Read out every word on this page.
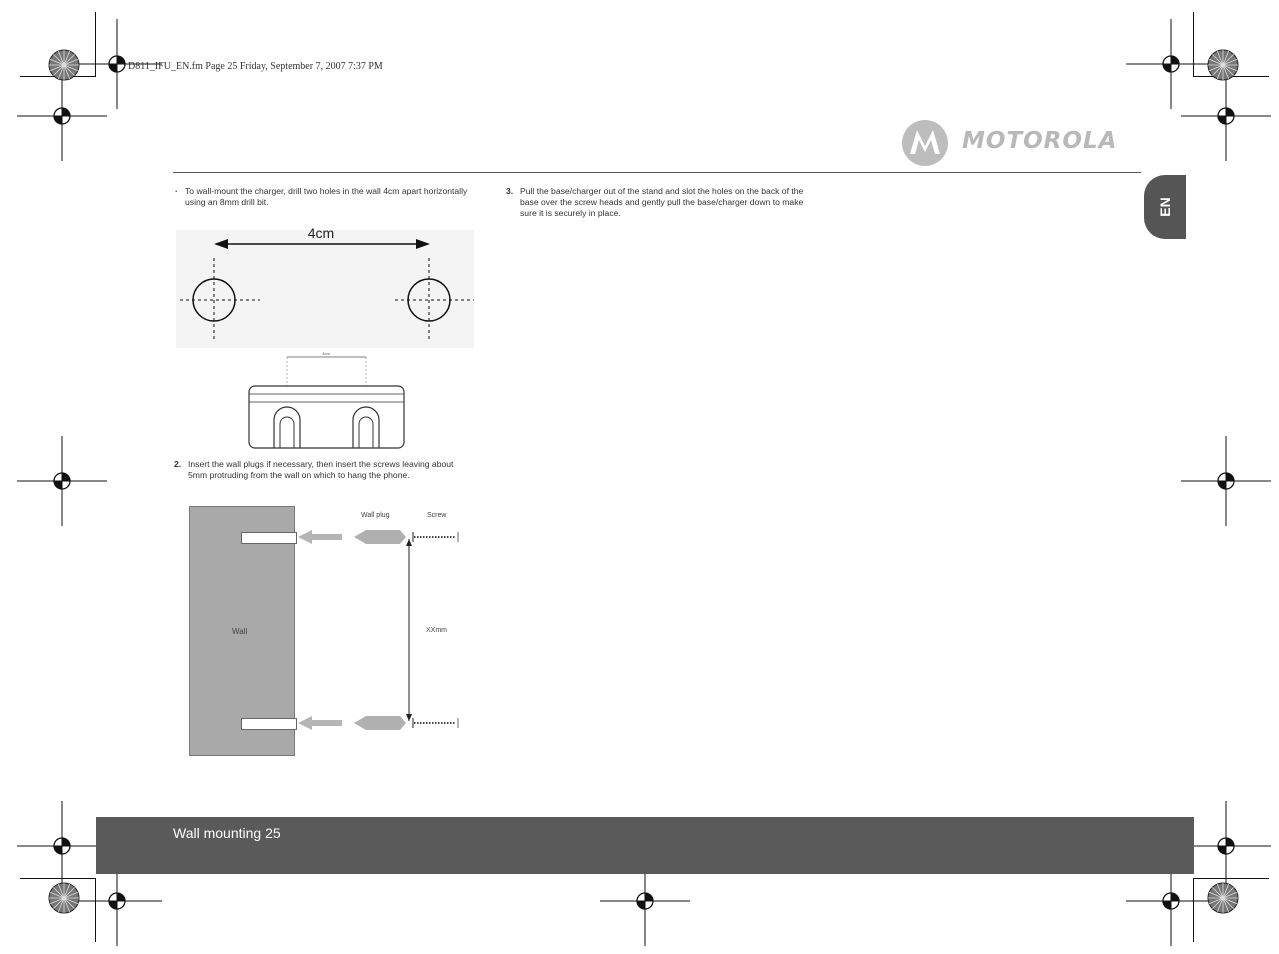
D811_IFU_EN.fm Page 25 Friday, September 7, 2007 7:37 PM
MOTOROLA
EN
· To wall-mount the charger, drill two holes in the wall 4cm apart horizontally using an 8mm drill bit.
4cm
4cm
2. Insert the wall plugs if necessary, then insert the screws leaving about 5mm protruding from the wall on which to hang the phone.
Wall
Wall plug	Screw
XXmm
3. Pull the base/charger out of the stand and slot the holes on the back of the base over the screw heads and gently pull the base/charger down to make sure it is securely in place.
Wall mounting 25
